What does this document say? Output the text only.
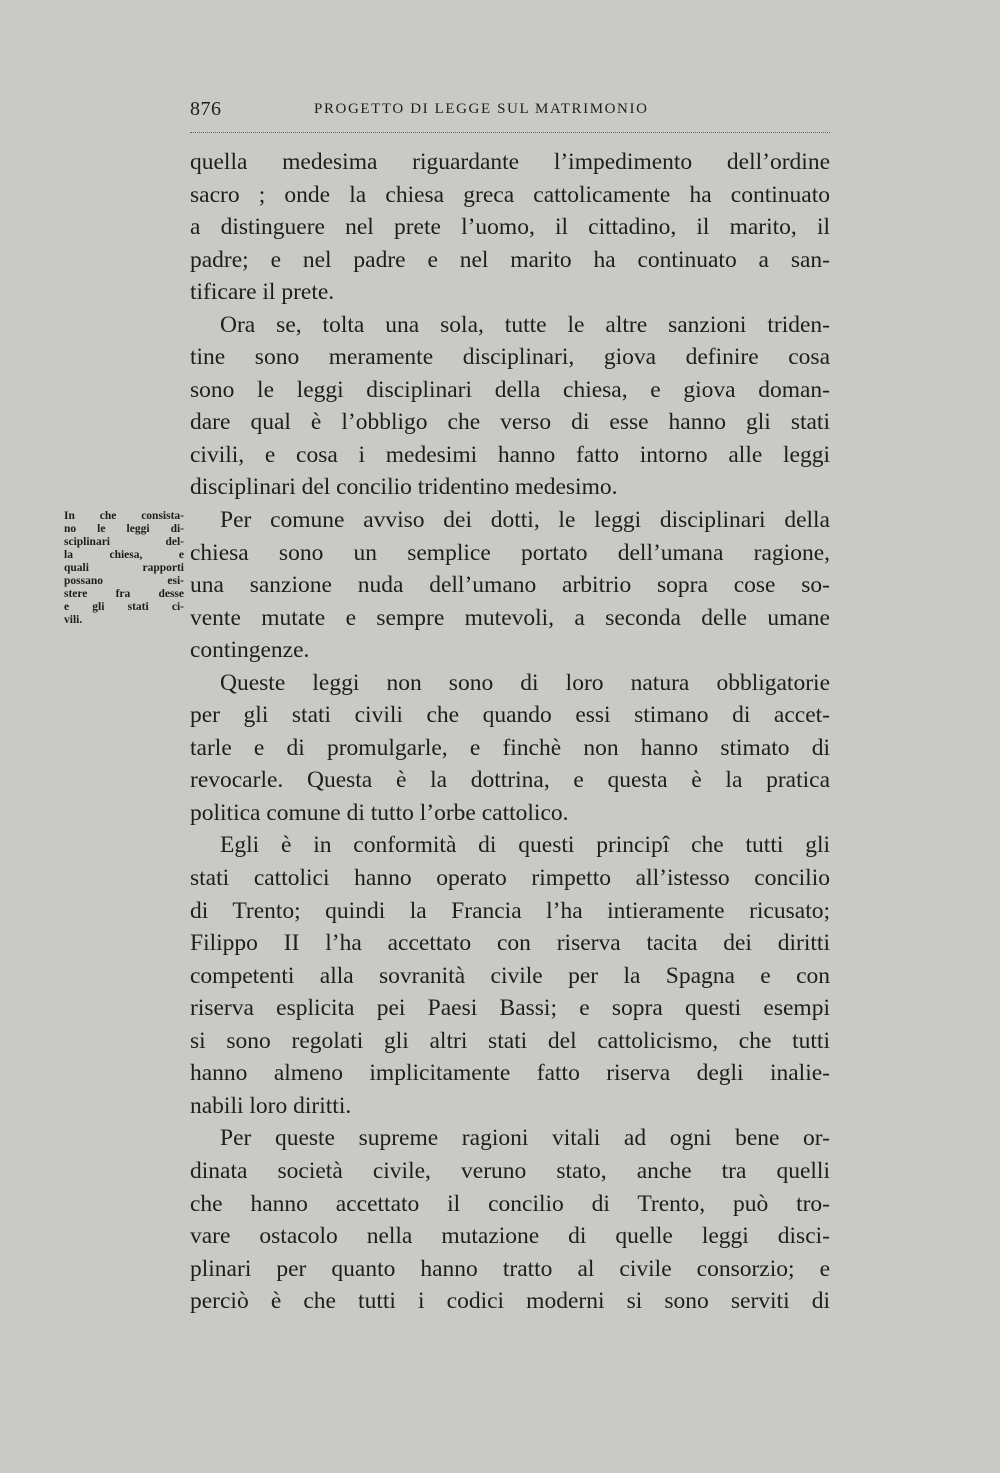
876	PROGETTO DI LEGGE SUL MATRIMONIO
In che consista-
no le leggi di-
sciplinari del-
la chiesa, e
quali rapporti
possano esi-
stere fra desse
e gli stati ci-
vili.
quella medesima riguardante l’impedimento dell’ordine
sacro ; onde la chiesa greca cattolicamente ha continuato
a distinguere nel prete l’uomo, il cittadino, il marito, il
padre; e nel padre e nel marito ha continuato a san-
tificare il prete.
Ora se, tolta una sola, tutte le altre sanzioni triden-
tine sono meramente disciplinari, giova definire cosa
sono le leggi disciplinari della chiesa, e giova doman-
dare qual è l’obbligo che verso di esse hanno gli stati
civili, e cosa i medesimi hanno fatto intorno alle leggi
disciplinari del concilio tridentino medesimo.
Per comune avviso dei dotti, le leggi disciplinari della
chiesa sono un semplice portato dell’umana ragione,
una sanzione nuda dell’umano arbitrio sopra cose so-
vente mutate e sempre mutevoli, a seconda delle umane
contingenze.
Queste leggi non sono di loro natura obbligatorie
per gli stati civili che quando essi stimano di accet-
tarle e di promulgarle, e finchè non hanno stimato di
revocarle. Questa è la dottrina, e questa è la pratica
politica comune di tutto l’orbe cattolico.
Egli è in conformità di questi principî che tutti gli
stati cattolici hanno operato rimpetto all’istesso concilio
di Trento; quindi la Francia l’ha intieramente ricusato;
Filippo II l’ha accettato con riserva tacita dei diritti
competenti alla sovranità civile per la Spagna e con
riserva esplicita pei Paesi Bassi; e sopra questi esempi
si sono regolati gli altri stati del cattolicismo, che tutti
hanno almeno implicitamente fatto riserva degli inalie-
nabili loro diritti.
Per queste supreme ragioni vitali ad ogni bene or-
dinata società civile, veruno stato, anche tra quelli
che hanno accettato il concilio di Trento, può tro-
vare ostacolo nella mutazione di quelle leggi disci-
plinari per quanto hanno tratto al civile consorzio; e
perciò è che tutti i codici moderni si sono serviti di
